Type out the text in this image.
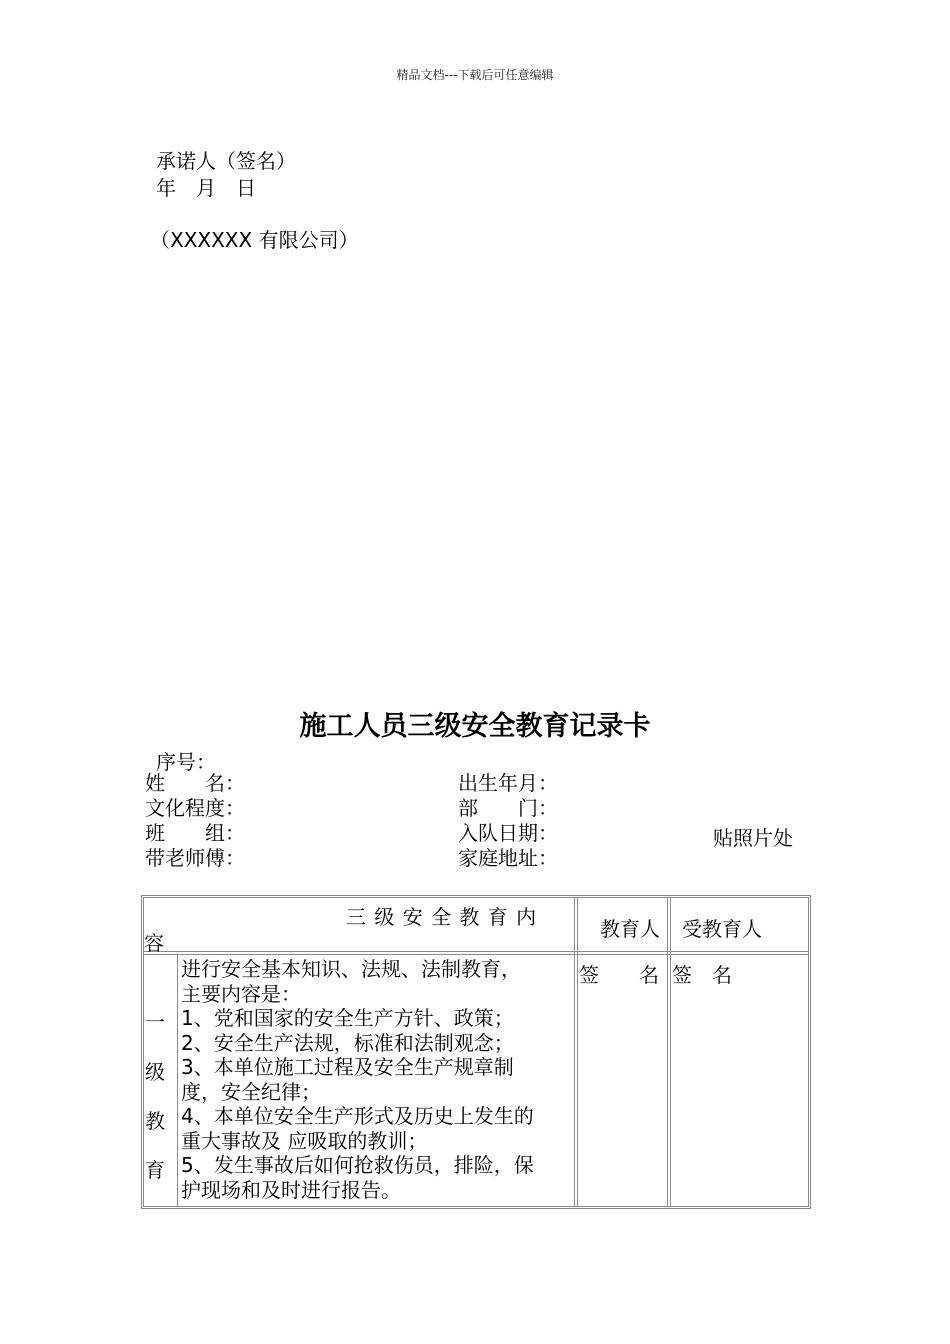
精品文档---下载后可任意编辑
承诺人（签名）
年　月　日
（XXXXXX 有限公司）
施工人员三级安全教育记录卡
序号：
姓　　名：
文化程度：
班　　组：
带老师傅：
出生年月：
部　　门：
入队日期：
家庭地址：
贴照片处
三 级 安 全 教 育 内
容
教育人 受教育人
一
级
教
育
进行安全基本知识、法规、法制教育，
主要内容是：
1、党和国家的安全生产方针、政策；
2、安全生产法规，标准和法制观念；
3、本单位施工过程及安全生产规章制
度，安全纪律；
4、本单位安全生产形式及历史上发生的
重大事故及 应吸取的教训；
5、发生事故后如何抢救伤员，排险，保
护现场和及时进行报告。
签　　名 签　名
